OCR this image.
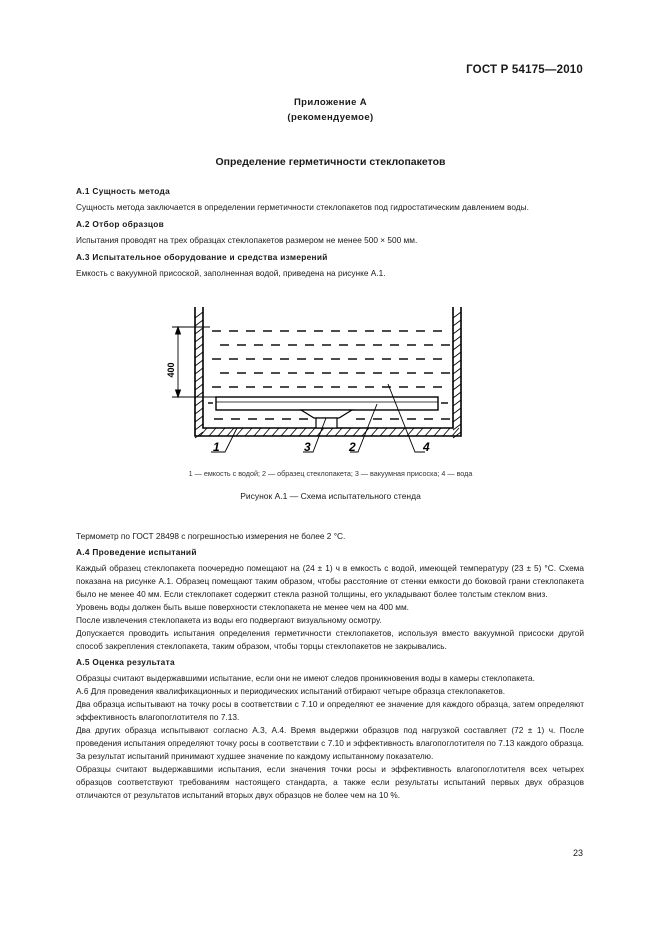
ГОСТ Р 54175—2010
Приложение А
(рекомендуемое)
Определение герметичности стеклопакетов

А.1 Сущность метода

Сущность метода заключается в определении герметичности стеклопакетов под гидростатическим давлением воды.

А.2 Отбор образцов

Испытания проводят на трех образцах стеклопакетов размером не менее 500 × 500 мм.

А.3 Испытательное оборудование и средства измерений

Емкость с вакуумной присоской, заполненная водой, приведена на рисунке А.1.

400
1	3	2	4
1 — емкость с водой; 2 — образец стеклопакета; 3 — вакуумная присоска; 4 — вода
Рисунок А.1 — Схема испытательного стенда

Термометр по ГОСТ 28498 с погрешностью измерения не более 2 °С.

А.4 Проведение испытаний

Каждый образец стеклопакета поочередно помещают на (24 ± 1) ч в емкость с водой, имеющей температуру (23 ± 5) °С. Схема показана на рисунке А.1. Образец помещают таким образом, чтобы расстояние от стенки емкости до боковой грани стеклопакета было не менее 40 мм. Если стеклопакет содержит стекла разной толщины, его укладывают более толстым стеклом вниз.

Уровень воды должен быть выше поверхности стеклопакета не менее чем на 400 мм.

После извлечения стеклопакета из воды его подвергают визуальному осмотру.

Допускается проводить испытания определения герметичности стеклопакетов, используя вместо вакуумной присоски другой способ закрепления стеклопакета, таким образом, чтобы торцы стеклопакетов не закрывались.

А.5 Оценка результата

Образцы считают выдержавшими испытание, если они не имеют следов проникновения воды в камеры стеклопакета.

А.6 Для проведения квалификационных и периодических испытаний отбирают четыре образца стеклопакетов.

Два образца испытывают на точку росы в соответствии с 7.10 и определяют ее значение для каждого образца, затем определяют эффективность влагопоглотителя по 7.13.

Два других образца испытывают согласно А.3, А.4. Время выдержки образцов под нагрузкой составляет (72 ± 1) ч. После проведения испытания определяют точку росы в соответствии с 7.10 и эффективность влагопоглотителя по 7.13 каждого образца. За результат испытаний принимают худшее значение по каждому испытанному показателю.

Образцы считают выдержавшими испытания, если значения точки росы и эффективность влагопоглотителя всех четырех образцов соответствуют требованиям настоящего стандарта, а также если результаты испытаний первых двух образцов отличаются от результатов испытаний вторых двух образцов не более чем на 10 %.

23
